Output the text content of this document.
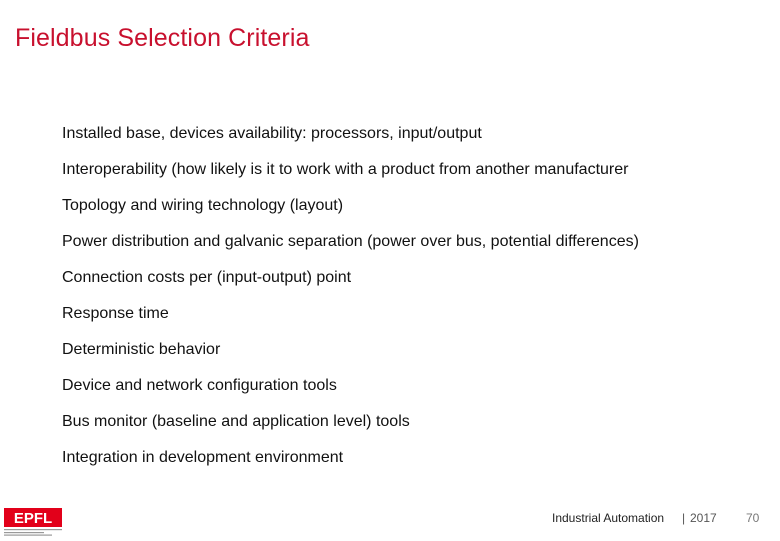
Fieldbus Selection Criteria
Installed base, devices availability: processors, input/output
Interoperability (how likely is it to work with a product from another manufacturer
Topology and wiring technology (layout)
Power distribution and galvanic separation (power over bus, potential differences)
Connection costs per (input-output) point
Response time
Deterministic behavior
Device and network configuration tools
Bus monitor (baseline and application level) tools
Integration in development environment
EPFL	Industrial Automation | 2017 70
